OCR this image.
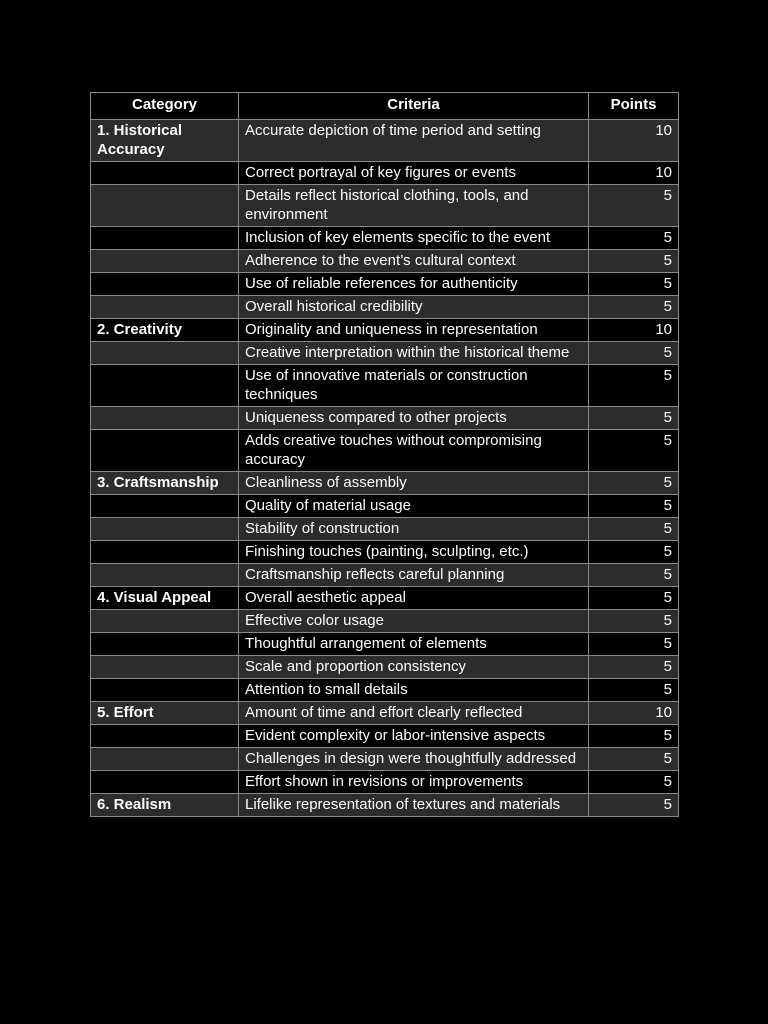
Category	Criteria	Points
1. Historical Accuracy	Accurate depiction of time period and setting	10
	Correct portrayal of key figures or events	10
	Details reflect historical clothing, tools, and environment	5
	Inclusion of key elements specific to the event	5
	Adherence to the event’s cultural context	5
	Use of reliable references for authenticity	5
	Overall historical credibility	5
2. Creativity	Originality and uniqueness in representation	10
	Creative interpretation within the historical theme	5
	Use of innovative materials or construction techniques	5
	Uniqueness compared to other projects	5
	Adds creative touches without compromising accuracy	5
3. Craftsmanship	Cleanliness of assembly	5
	Quality of material usage	5
	Stability of construction	5
	Finishing touches (painting, sculpting, etc.)	5
	Craftsmanship reflects careful planning	5
4. Visual Appeal	Overall aesthetic appeal	5
	Effective color usage	5
	Thoughtful arrangement of elements	5
	Scale and proportion consistency	5
	Attention to small details	5
5. Effort	Amount of time and effort clearly reflected	10
	Evident complexity or labor-intensive aspects	5
	Challenges in design were thoughtfully addressed	5
	Effort shown in revisions or improvements	5
6. Realism	Lifelike representation of textures and materials	5
